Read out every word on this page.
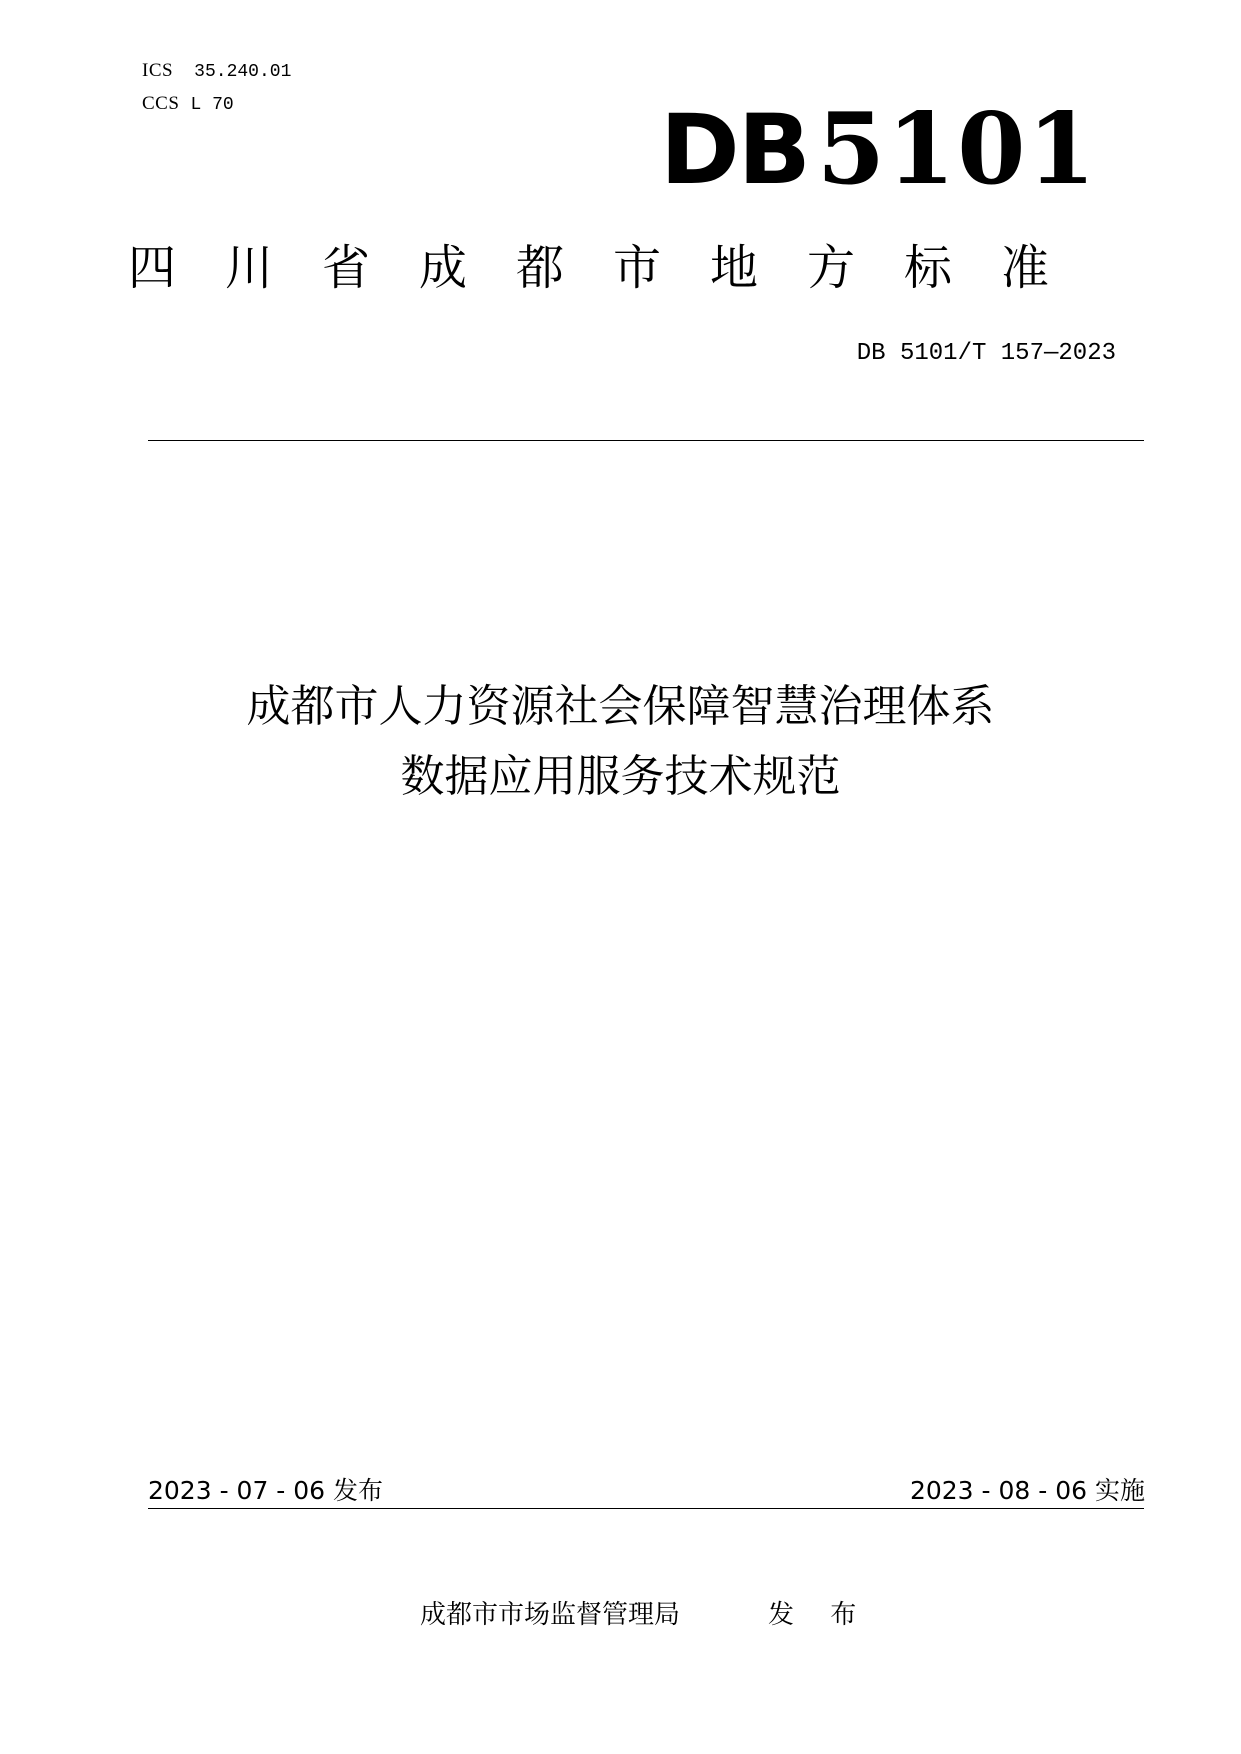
ICS 35.240.01
CCS L 70	DB 5101
四川省成都市地方标准
DB 5101/T 157—2023
成都市人力资源社会保障智慧治理体系
数据应用服务技术规范
2023 - 07 - 06 发布	2023 - 08 - 06 实施
成都市市场监督管理局	发 布
